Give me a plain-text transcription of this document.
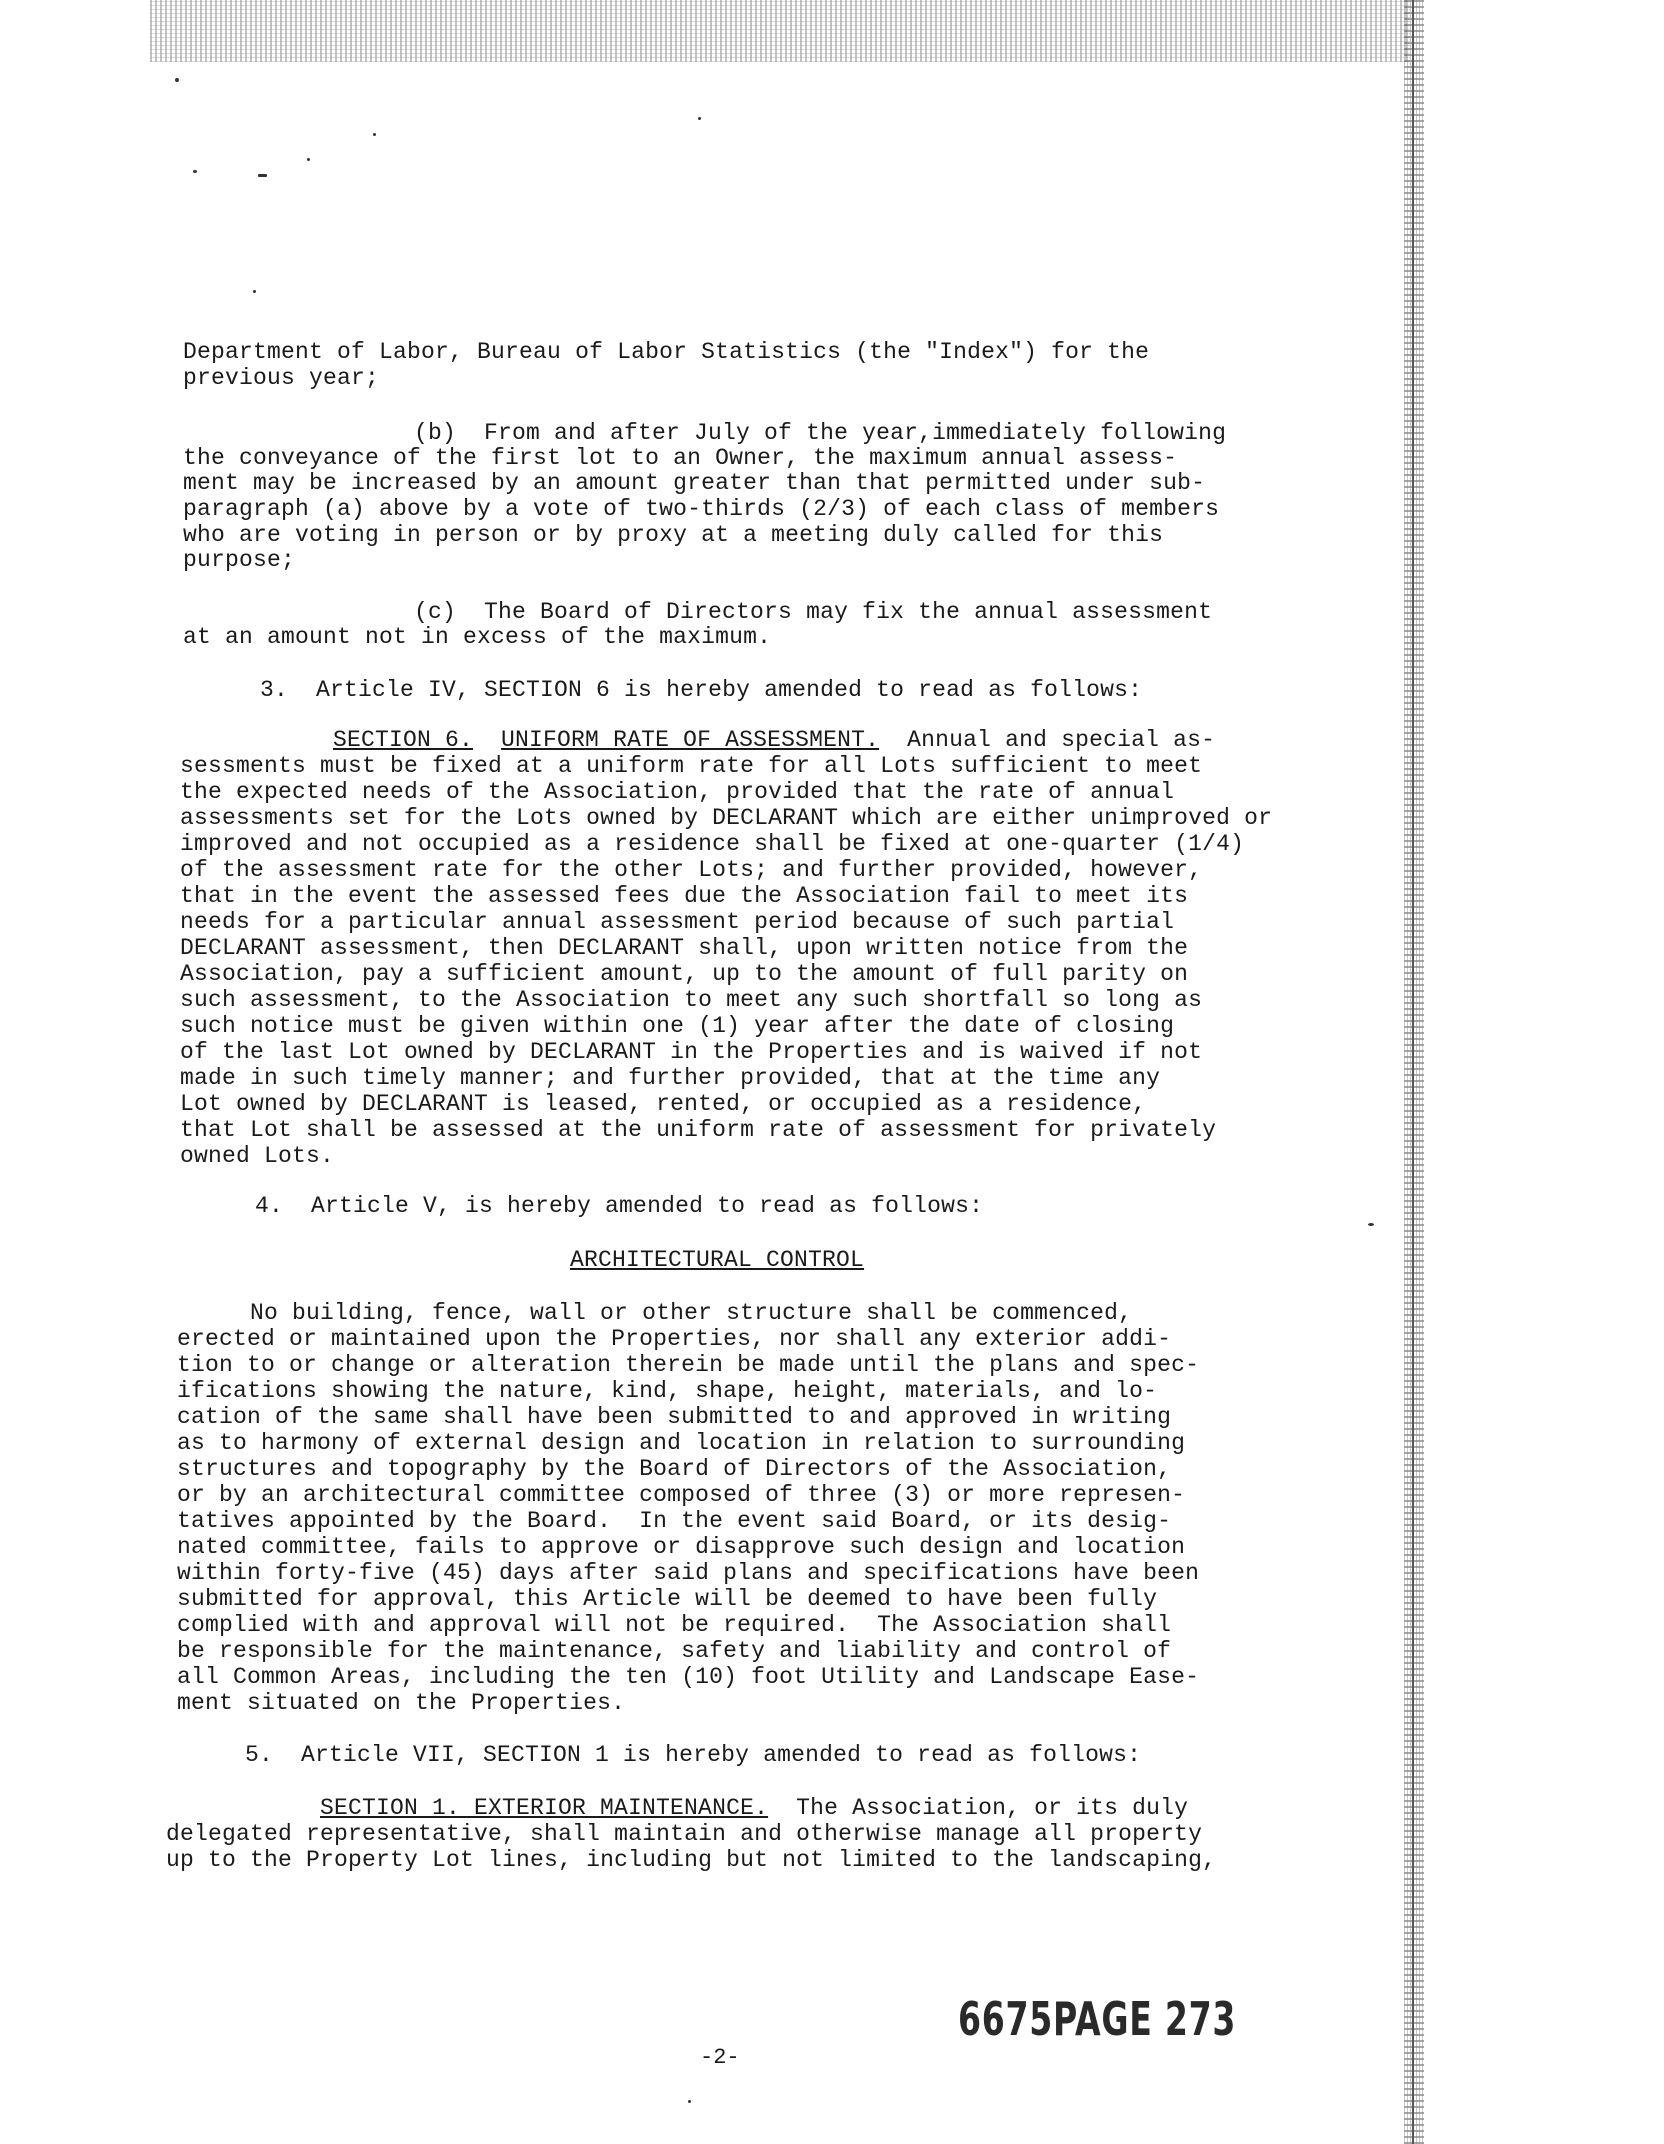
Department of Labor, Bureau of Labor Statistics (the "Index") for the
previous year;
(b)  From and after July of the year,immediately following
the conveyance of the first lot to an Owner, the maximum annual assess-
ment may be increased by an amount greater than that permitted under sub-
paragraph (a) above by a vote of two-thirds (2/3) of each class of members
who are voting in person or by proxy at a meeting duly called for this
purpose;
(c)  The Board of Directors may fix the annual assessment
at an amount not in excess of the maximum.
3.  Article IV, SECTION 6 is hereby amended to read as follows:
SECTION 6. UNIFORM RATE OF ASSESSMENT.  Annual and special as-
sessments must be fixed at a uniform rate for all Lots sufficient to meet
the expected needs of the Association, provided that the rate of annual
assessments set for the Lots owned by DECLARANT which are either unimproved or
improved and not occupied as a residence shall be fixed at one-quarter (1/4)
of the assessment rate for the other Lots; and further provided, however,
that in the event the assessed fees due the Association fail to meet its
needs for a particular annual assessment period because of such partial
DECLARANT assessment, then DECLARANT shall, upon written notice from the
Association, pay a sufficient amount, up to the amount of full parity on
such assessment, to the Association to meet any such shortfall so long as
such notice must be given within one (1) year after the date of closing
of the last Lot owned by DECLARANT in the Properties and is waived if not
made in such timely manner; and further provided, that at the time any
Lot owned by DECLARANT is leased, rented, or occupied as a residence,
that Lot shall be assessed at the uniform rate of assessment for privately
owned Lots.
4.  Article V, is hereby amended to read as follows:
ARCHITECTURAL CONTROL
No building, fence, wall or other structure shall be commenced,
erected or maintained upon the Properties, nor shall any exterior addi-
tion to or change or alteration therein be made until the plans and spec-
ifications showing the nature, kind, shape, height, materials, and lo-
cation of the same shall have been submitted to and approved in writing
as to harmony of external design and location in relation to surrounding
structures and topography by the Board of Directors of the Association,
or by an architectural committee composed of three (3) or more represen-
tatives appointed by the Board.  In the event said Board, or its desig-
nated committee, fails to approve or disapprove such design and location
within forty-five (45) days after said plans and specifications have been
submitted for approval, this Article will be deemed to have been fully
complied with and approval will not be required.  The Association shall
be responsible for the maintenance, safety and liability and control of
all Common Areas, including the ten (10) foot Utility and Landscape Ease-
ment situated on the Properties.
5.  Article VII, SECTION 1 is hereby amended to read as follows:
SECTION 1. EXTERIOR MAINTENANCE.  The Association, or its duly
delegated representative, shall maintain and otherwise manage all property
up to the Property Lot lines, including but not limited to the landscaping,
6675PAGE 273
-2-
